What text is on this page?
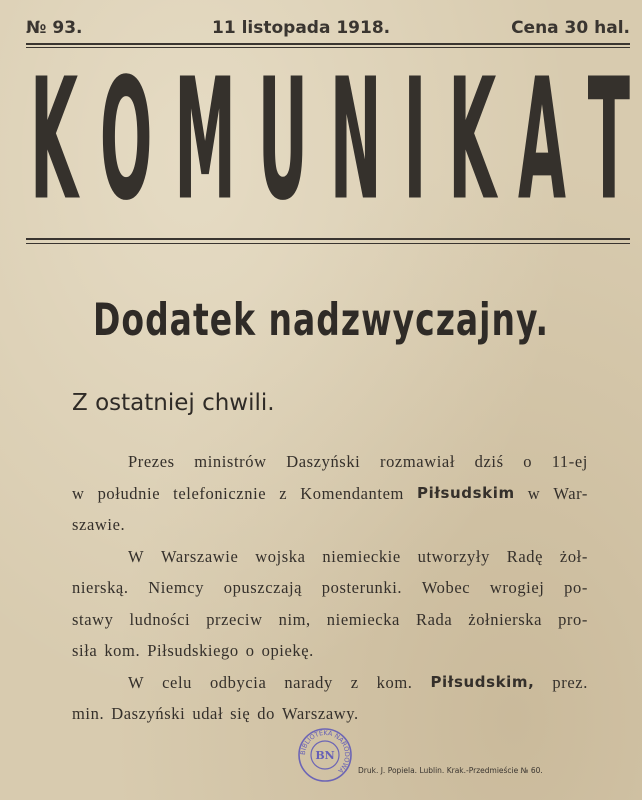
№ 93.	11 listopada 1918.	Cena 30 hal.
K O M U N I K A T
Dodatek nadzwyczajny.
Z ostatniej chwili.
Prezes ministrów Daszyński rozmawiał dziś o 11-ej
w południe telefonicznie z Komendantem Piłsudskim w War-
szawie.
W Warszawie wojska niemieckie utworzyły Radę żoł-
nierską. Niemcy opuszczają posterunki. Wobec wrogiej po-
stawy ludności przeciw nim, niemiecka Rada żołnierska pro-
siła kom. Piłsudskiego o opiekę.
W celu odbycia narady z kom. Piłsudskim, prez.
min. Daszyński udał się do Warszawy.
BIBLIOTEKA NARODOWA
BN
Druk. J. Popiela. Lublin. Krak.-Przedmieście № 60.
